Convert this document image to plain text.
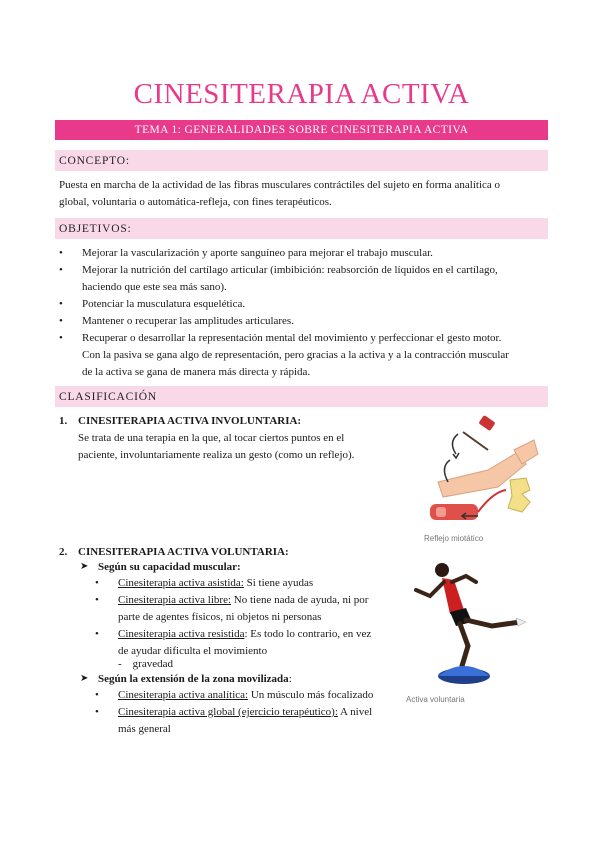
CINESITERAPIA ACTIVA
TEMA 1: GENERALIDADES SOBRE CINESITERAPIA ACTIVA
CONCEPTO:
Puesta en marcha de la actividad de las fibras musculares contráctiles del sujeto en forma analítica o
global, voluntaria o automática-refleja, con fines terapéuticos.
OBJETIVOS:
• Mejorar la vascularización y aporte sanguíneo para mejorar el trabajo muscular.
• Mejorar la nutrición del cartílago articular (imbibición: reabsorción de líquidos en el cartílago,
haciendo que este sea más sano).
• Potenciar la musculatura esquelética.
• Mantener o recuperar las amplitudes articulares.
• Recuperar o desarrollar la representación mental del movimiento y perfeccionar el gesto motor.
Con la pasiva se gana algo de representación, pero gracias a la activa y a la contracción muscular
de la activa se gana de manera más directa y rápida.
CLASIFICACIÓN
1. CINESITERAPIA ACTIVA INVOLUNTARIA:
Se trata de una terapia en la que, al tocar ciertos puntos en el
paciente, involuntariamente realiza un gesto (como un reflejo).
Reflejo miotático
2. CINESITERAPIA ACTIVA VOLUNTARIA:
➤ Según su capacidad muscular:
• Cinesiterapia activa asistida: Si tiene ayudas
• Cinesiterapia activa libre: No tiene nada de ayuda, ni por
parte de agentes físicos, ni objetos ni personas
• Cinesiterapia activa resistida: Es todo lo contrario, en vez
de ayudar dificulta el movimiento
-    gravedad
➤ Según la extensión de la zona movilizada:
• Cinesiterapia activa analítica: Un músculo más focalizado
• Cinesiterapia activa global (ejercicio terapéutico): A nivel
más general
Activa voluntaria
